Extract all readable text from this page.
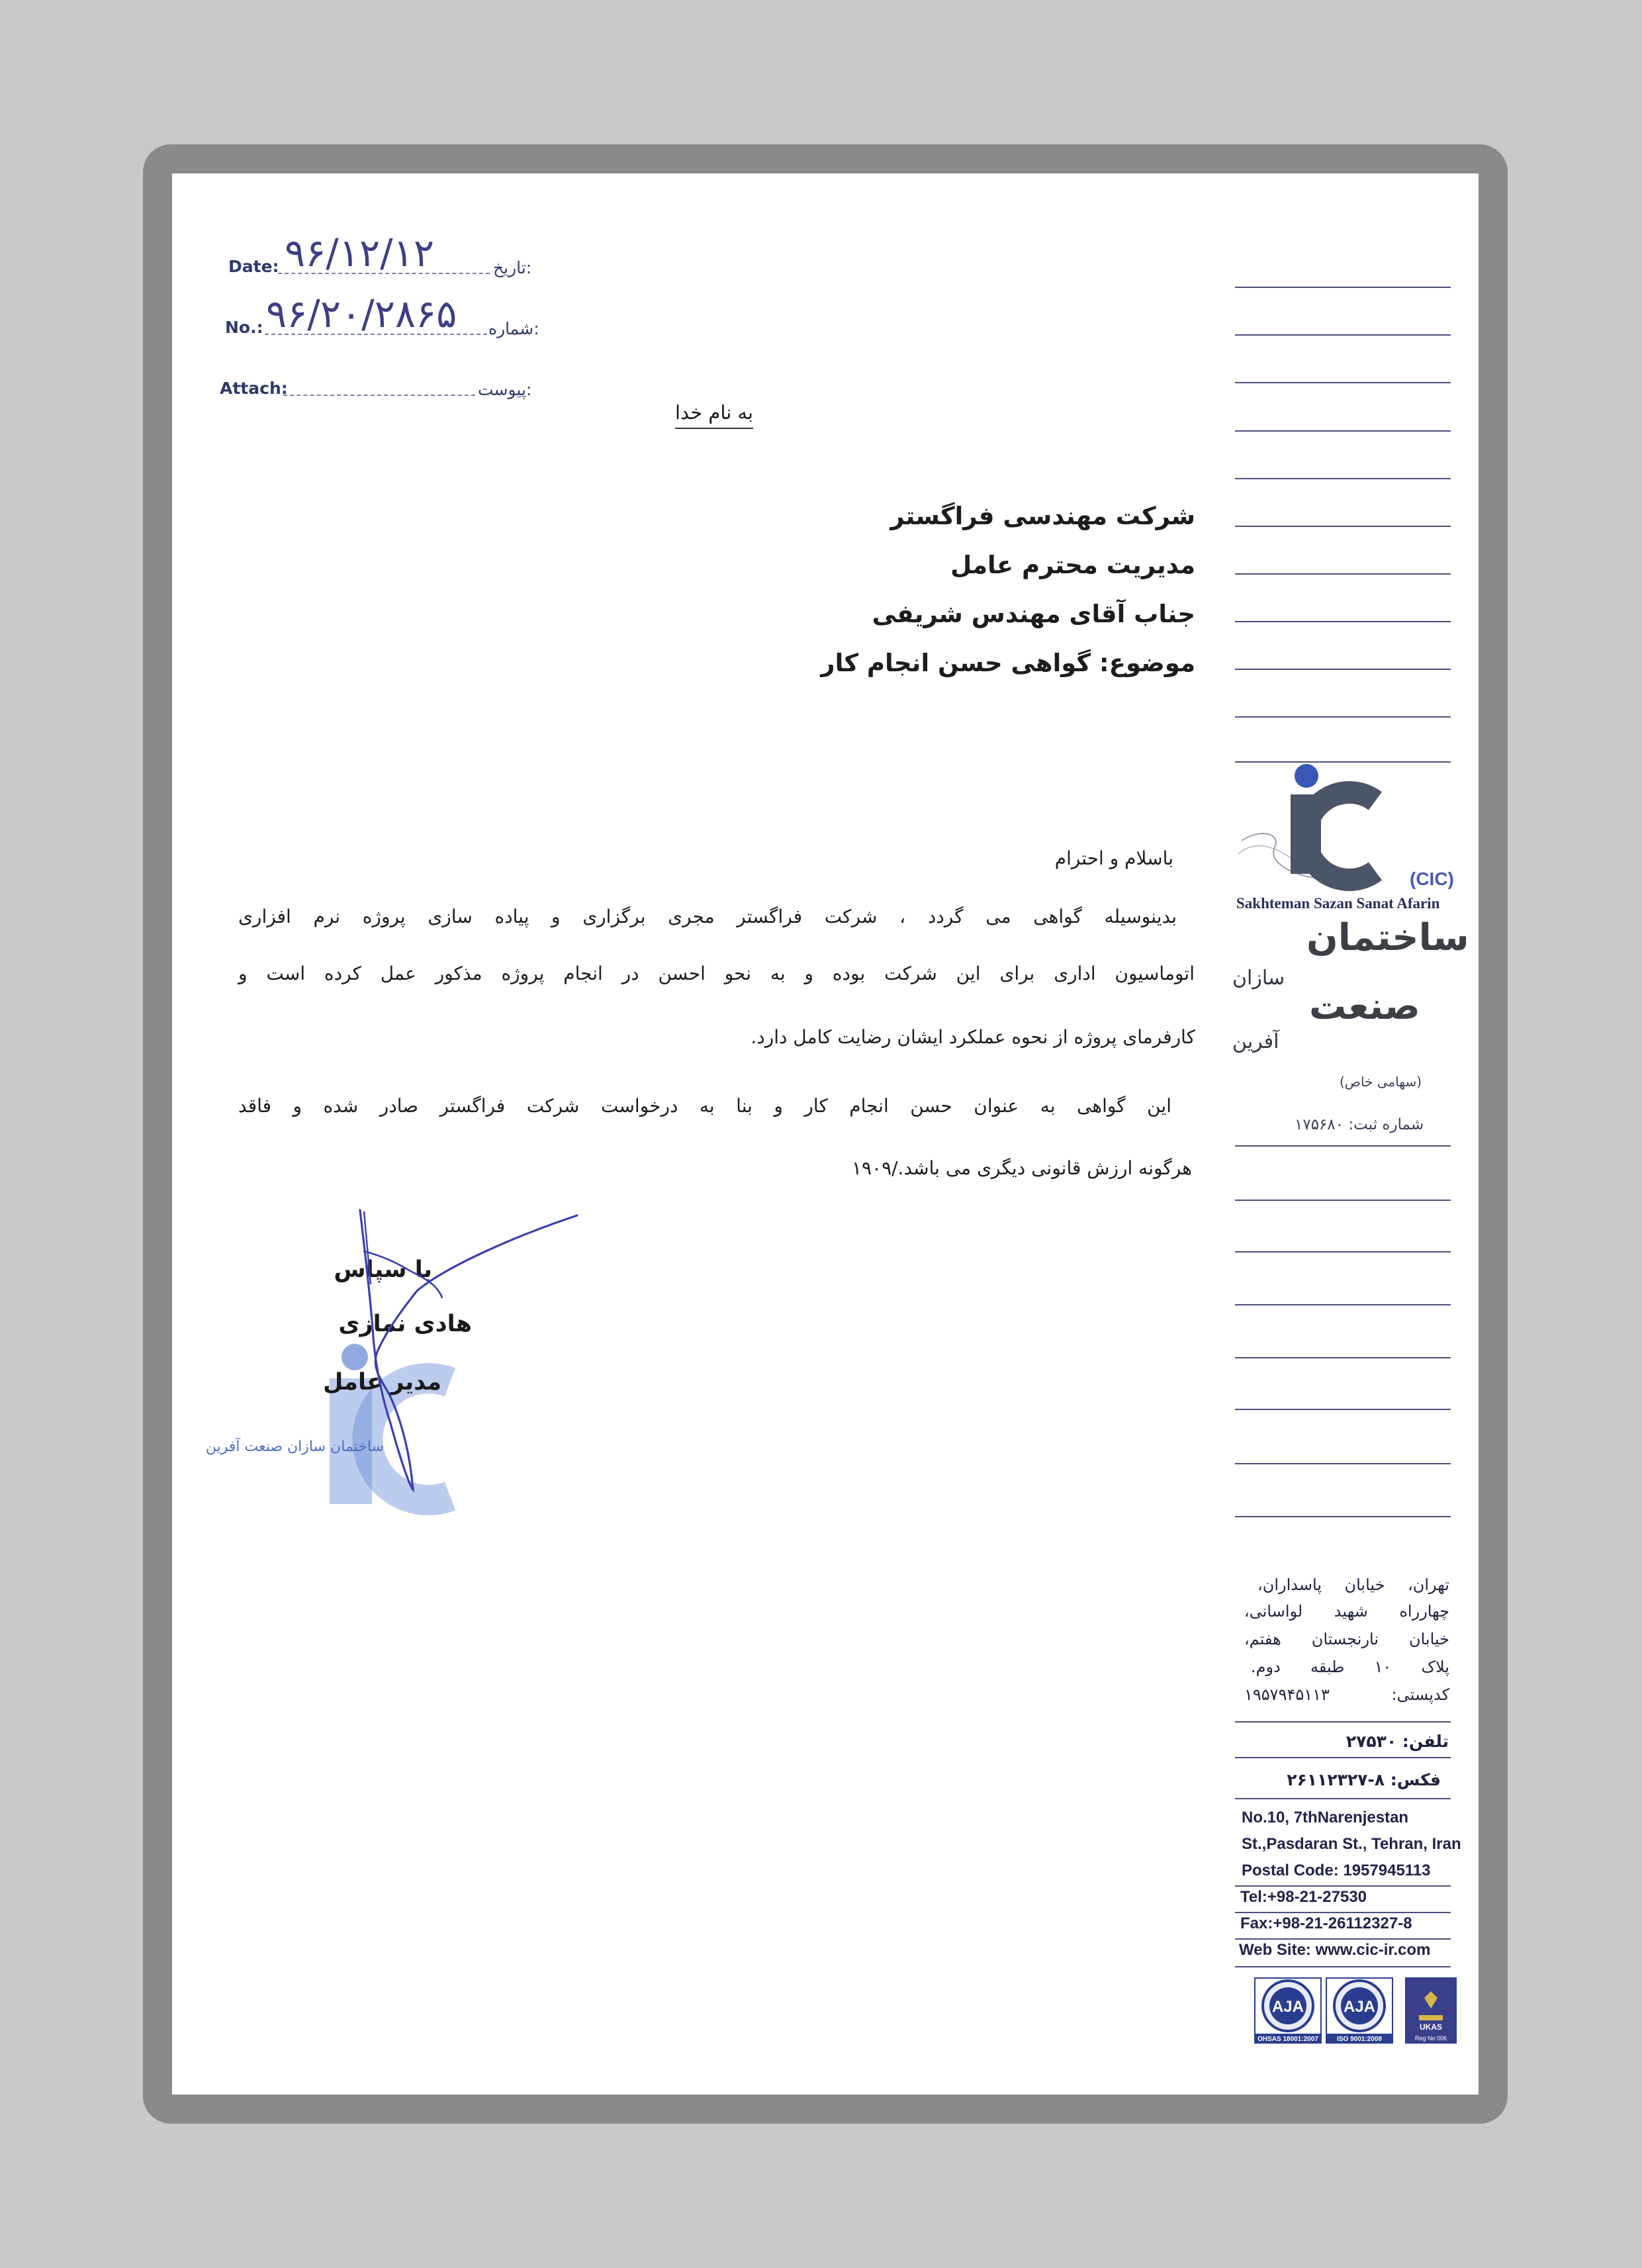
Date: ۹۶/۱۲/۱۲	تاریخ:
No.: ۹۶/۲۰/۲۸۶۵ شماره:
Attach:	پیوست:
به نام خدا
شرکت مهندسی فراگستر
مدیریت محترم عامل
جناب آقای مهندس شریفی
موضوع: گواهی حسن انجام کار
باسلام و احترام
بدینوسیله گواهی می گردد ، شرکت فراگستر مجری برگزاری و پیاده سازی پروژه نرم افزاری
اتوماسیون اداری برای این شرکت بوده و به نحو احسن در انجام پروژه مذکور عمل کرده است و
کارفرمای پروژه از نحوه عملکرد ایشان رضایت کامل دارد.
این گواهی به عنوان حسن انجام کار و بنا به درخواست شرکت فراگستر صادر شده و فاقد
هرگونه ارزش قانونی دیگری می باشد./۱۹۰۹
ساختمان سازان صنعت آفرین
با سپاس
هادی نمازی
مدیر عامل
(CIC)
Sakhteman Sazan Sanat Afarin
ساختمان
سازان
صنعت
آفرین
(سهامی خاص)
شماره ثبت: ۱۷۵۶۸۰
تهران، خیابان پاسداران،
چهارراه شهید لواسانی،
خیابان نارنجستان هفتم،
پلاک ۱۰ طبقه دوم.
کدپستی: ۱۹۵۷۹۴۵۱۱۳
تلفن: ۲۷۵۳۰
فکس: ۸-۲۶۱۱۲۳۲۷
No.10, 7thNarenjestan
St.,Pasdaran St., Tehran, Iran
Postal Code: 1957945113
Tel:+98-21-27530
Fax:+98-21-26112327-8
Web Site: www.cic-ir.com
AJA
OHSAS 18001:2007
AJA
ISO 9001:2008
UKAS
Reg No 006
